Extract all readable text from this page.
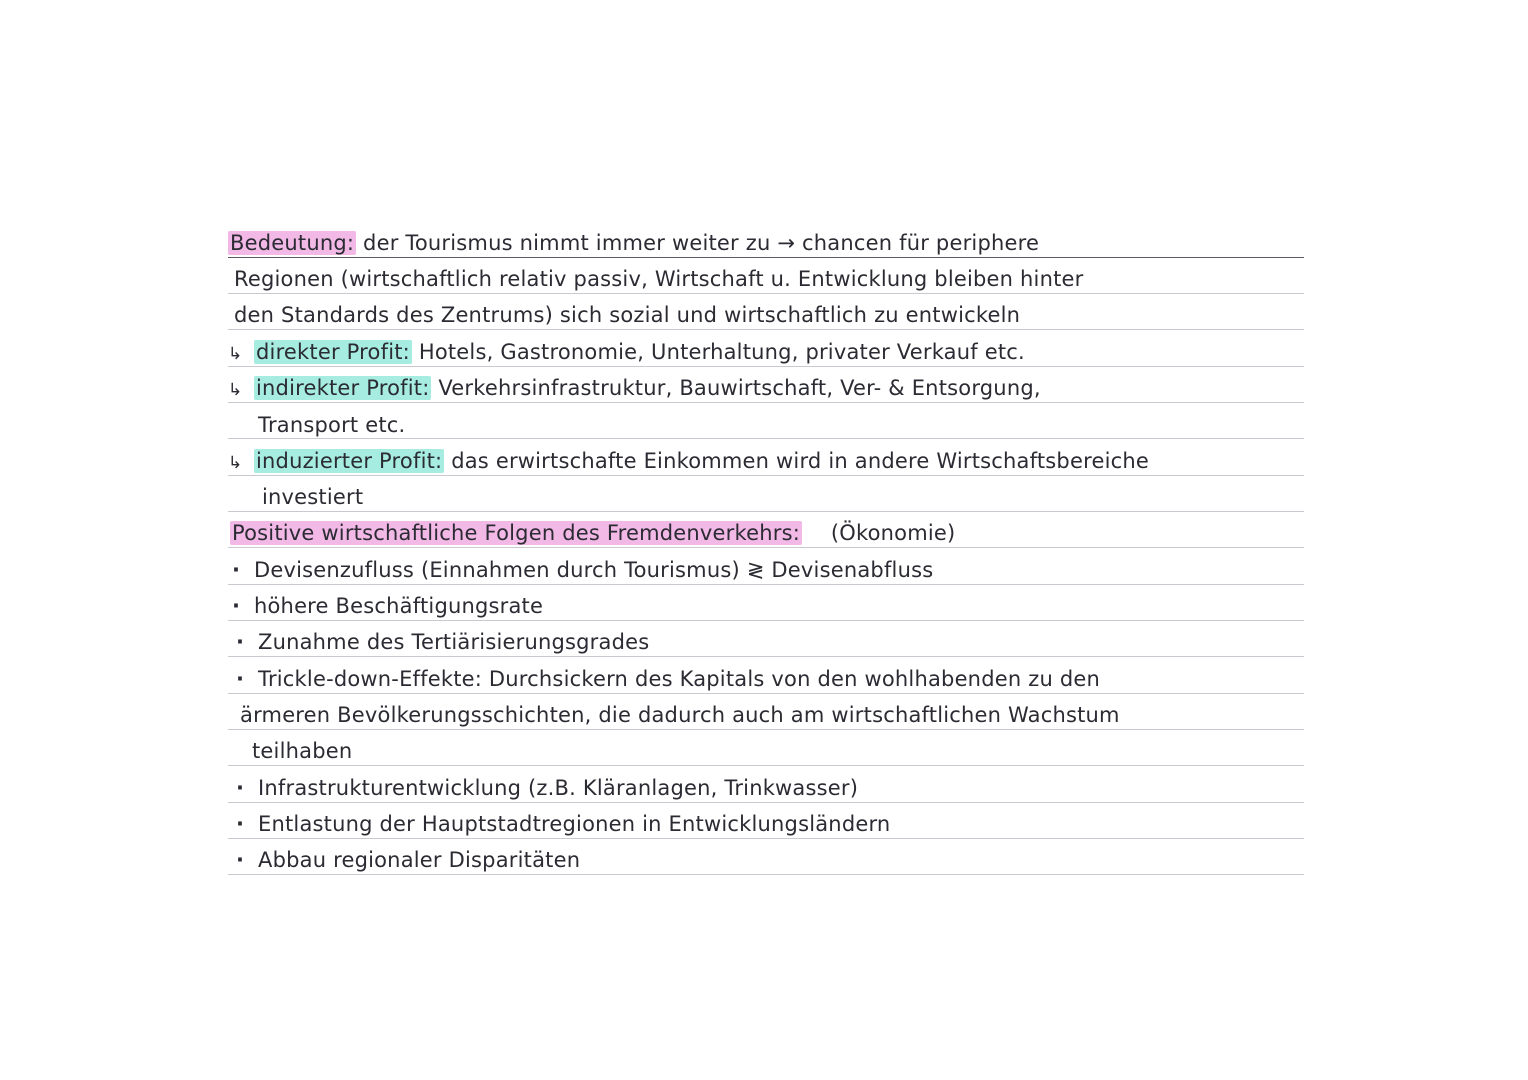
Bedeutung: der Tourismus nimmt immer weiter zu → chancen für periphere
Regionen (wirtschaftlich relativ passiv, Wirtschaft u. Entwicklung bleiben hinter
den Standards des Zentrums) sich sozial und wirtschaftlich zu entwickeln
↳ direkter Profit: Hotels, Gastronomie, Unterhaltung, privater Verkauf etc.
↳ indirekter Profit: Verkehrsinfrastruktur, Bauwirtschaft, Ver- & Entsorgung,
Transport etc.
↳ induzierter Profit: das erwirtschafte Einkommen wird in andere Wirtschaftsbereiche
investiert
Positive wirtschaftliche Folgen des Fremdenverkehrs: (Ökonomie)
· Devisenzufluss (Einnahmen durch Tourismus) ≷ Devisenabfluss
· höhere Beschäftigungsrate
· Zunahme des Tertiärisierungsgrades
· Trickle-down-Effekte: Durchsickern des Kapitals von den wohlhabenden zu den
ärmeren Bevölkerungsschichten, die dadurch auch am wirtschaftlichen Wachstum
teilhaben
· Infrastrukturentwicklung (z.B. Kläranlagen, Trinkwasser)
· Entlastung der Hauptstadtregionen in Entwicklungsländern
· Abbau regionaler Disparitäten
